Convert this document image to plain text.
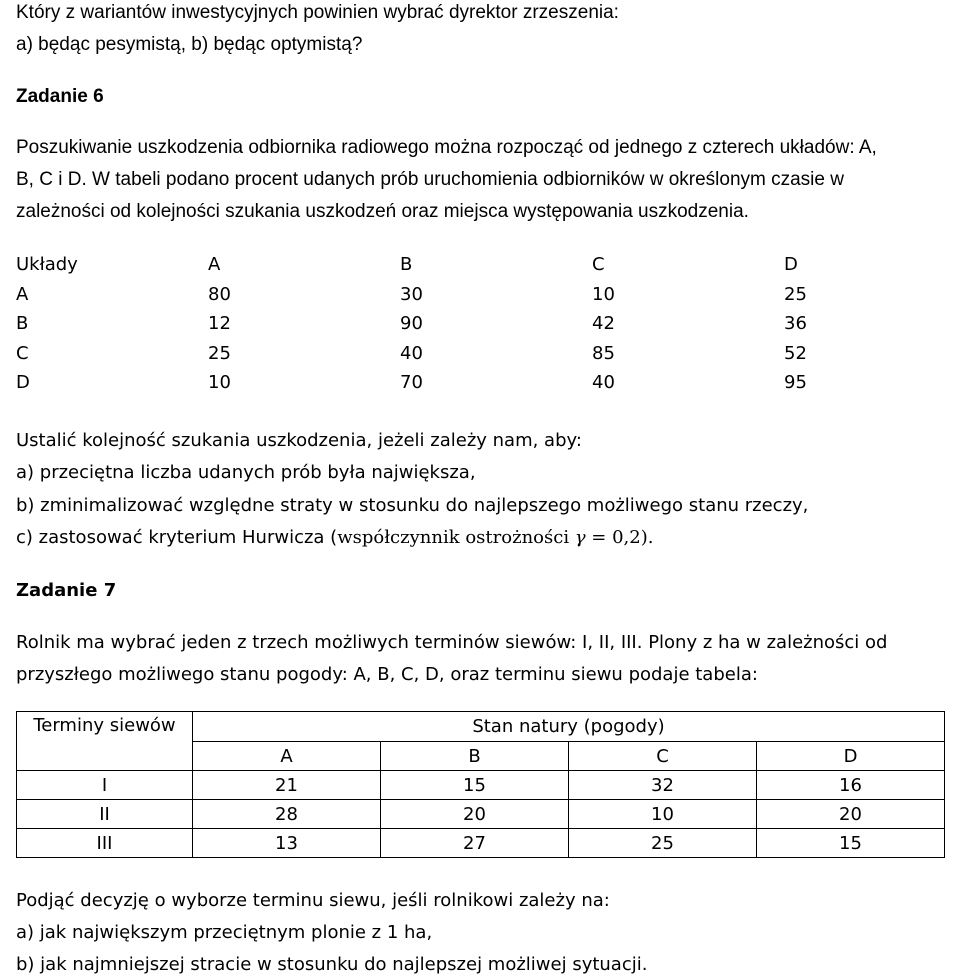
Który z wariantów inwestycyjnych powinien wybrać dyrektor zrzeszenia:
a) będąc pesymistą, b) będąc optymistą?
Zadanie 6
Poszukiwanie uszkodzenia odbiornika radiowego można rozpocząć od jednego z czterech układów: A,
B, C i D. W tabeli podano procent udanych prób uruchomienia odbiorników w określonym czasie w
zależności od kolejności szukania uszkodzeń oraz miejsca występowania uszkodzenia.
Układy	A	B	C	D
A	80	30	10	25
B	12	90	42	36
C	25	40	85	52
D	10	70	40	95
Ustalić kolejność szukania uszkodzenia, jeżeli zależy nam, aby:
a) przeciętna liczba udanych prób była największa,
b) zminimalizować względne straty w stosunku do najlepszego możliwego stanu rzeczy,
c) zastosować kryterium Hurwicza (współczynnik ostrożności γ = 0,2).
Zadanie 7
Rolnik ma wybrać jeden z trzech możliwych terminów siewów: I, II, III. Plony z ha w zależności od
przyszłego możliwego stanu pogody: A, B, C, D, oraz terminu siewu podaje tabela:
Terminy siewów	Stan natury (pogody)			
	A	B	C	D
I	21	15	32	16
II	28	20	10	20
III	13	27	25	15
Podjąć decyzję o wyborze terminu siewu, jeśli rolnikowi zależy na:
a) jak największym przeciętnym plonie z 1 ha,
b) jak najmniejszej stracie w stosunku do najlepszej możliwej sytuacji.
